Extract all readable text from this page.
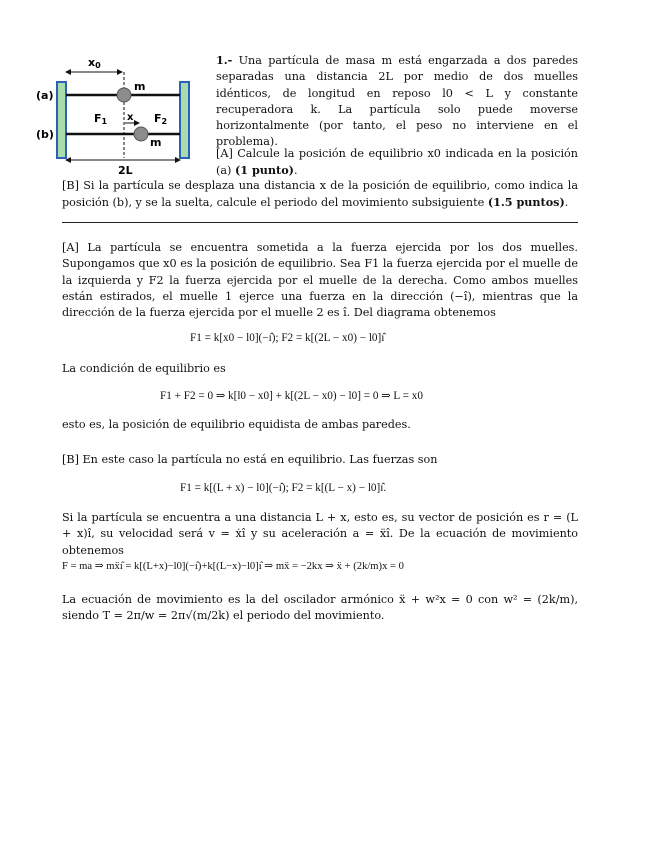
x0
m
m
F1	F2
x
2L
(a)
(b)
1.- Una partícula de masa m está engarzada a dos paredes separadas una distancia 2L por medio de dos muelles idénticos, de longitud en reposo l0 < L y constante recuperadora k. La partícula solo puede moverse horizontalmente (por tanto, el peso no interviene en el problema).
[A] Calcule la posición de equilibrio x0 indicada en la posición (a) (1 punto).
[B] Si la partícula se desplaza una distancia x de la posición de equilibrio, como indica la posición (b), y se la suelta, calcule el periodo del movimiento subsiguiente (1.5 puntos).
[A] La partícula se encuentra sometida a la fuerza ejercida por los dos muelles. Supongamos que x0 es la posición de equilibrio. Sea F1 la fuerza ejercida por el muelle de la izquierda y F2 la fuerza ejercida por el muelle de la derecha. Como ambos muelles están estirados, el muelle 1 ejerce una fuerza en la dirección (−ı̂), mientras que la dirección de la fuerza ejercida por el muelle 2 es ı̂. Del diagrama obtenemos
F1 = k[x0 − l0](−ı̂); F2 = k[(2L − x0) − l0]ı̂
La condición de equilibrio es
F1 + F2 = 0 ⇒ k[l0 − x0] + k[(2L − x0) − l0] = 0 ⇒ L = x0
esto es, la posición de equilibrio equidista de ambas paredes.
[B] En este caso la partícula no está en equilibrio. Las fuerzas son
F1 = k[(L + x) − l0](−ı̂); F2 = k[(L − x) − l0]ı̂.
Si la partícula se encuentra a una distancia L + x, esto es, su vector de posición es r = (L + x)ı̂, su velocidad será v = ẋı̂ y su aceleración a = ẍı̂. De la ecuación de movimiento obtenemos
F = ma ⇒ mẍı̂ = k[(L+x)−l0](−ı̂)+k[(L−x)−l0]ı̂ ⇒ mẍ = −2kx ⇒ ẍ + (2k/m)x = 0
La ecuación de movimiento es la del oscilador armónico ẍ + w²x = 0 con w² = (2k/m), siendo T = 2π/w = 2π√(m/2k) el periodo del movimiento.
